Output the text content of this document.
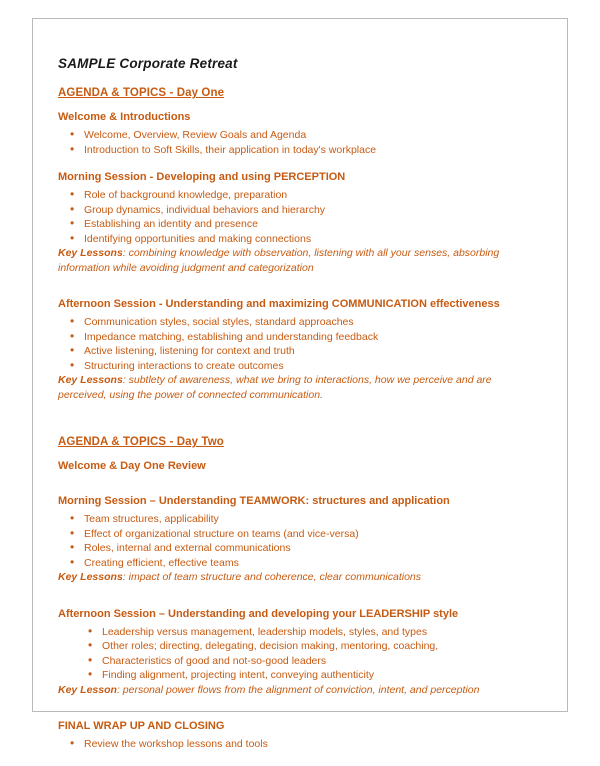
SAMPLE Corporate Retreat
AGENDA & TOPICS - Day One
Welcome & Introductions
• Welcome, Overview, Review Goals and Agenda
• Introduction to Soft Skills, their application in today's workplace
Morning Session - Developing and using PERCEPTION
• Role of background knowledge, preparation
• Group dynamics, individual behaviors and hierarchy
• Establishing an identity and presence
• Identifying opportunities and making connections

Key Lessons: combining knowledge with observation, listening with all your senses, absorbing information while avoiding judgment and categorization

Afternoon Session - Understanding and maximizing COMMUNICATION effectiveness
• Communication styles, social styles, standard approaches
• Impedance matching, establishing and understanding feedback
• Active listening, listening for context and truth
• Structuring interactions to create outcomes

Key Lessons: subtlety of awareness, what we bring to interactions, how we perceive and are perceived, using the power of connected communication.

AGENDA & TOPICS - Day Two
Welcome & Day One Review
Morning Session – Understanding TEAMWORK: structures and application
• Team structures, applicability
• Effect of organizational structure on teams (and vice-versa)
• Roles, internal and external communications
• Creating efficient, effective teams

Key Lessons: impact of team structure and coherence, clear communications

Afternoon Session – Understanding and developing your LEADERSHIP style
• Leadership versus management, leadership models, styles, and types
• Other roles; directing, delegating, decision making, mentoring, coaching,
• Characteristics of good and not-so-good leaders
• Finding alignment, projecting intent, conveying authenticity

Key Lesson: personal power flows from the alignment of conviction, intent, and perception

FINAL WRAP UP AND CLOSING
• Review the workshop lessons and tools
